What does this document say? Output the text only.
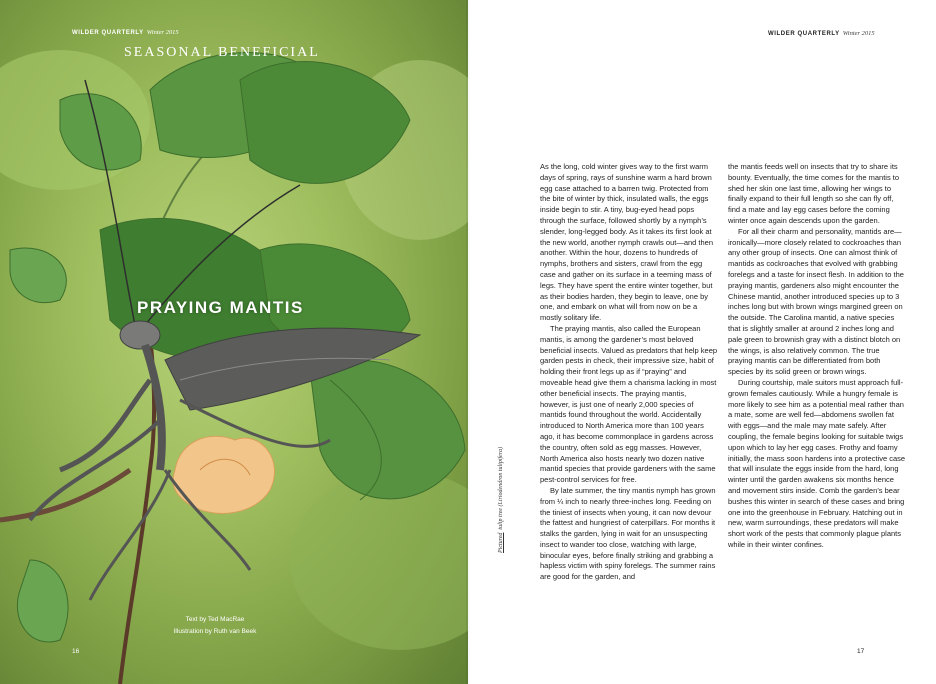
WILDER QUARTERLY Winter 2015
SEASONAL BENEFICIAL
PRAYING MANTIS
Text by Ted MacRae
Illustration by Ruth van Beek
16
WILDER QUARTERLY Winter 2015
Picturedtulip tree (Liriodendron tulipifera)

As the long, cold winter gives way to the first warm days of spring, rays of sunshine warm a hard brown egg case attached to a barren twig. Protected from the bite of winter by thick, insulated walls, the eggs inside begin to stir. A tiny, bug-eyed head pops through the surface, followed shortly by a nymph’s slender, long-legged body. As it takes its first look at the new world, another nymph crawls out—and then another. Within the hour, dozens to hundreds of nymphs, brothers and sisters, crawl from the egg case and gather on its surface in a teeming mass of legs. They have spent the entire winter together, but as their bodies harden, they begin to leave, one by one, and embark on what will from now on be a mostly solitary life.

The praying mantis, also called the European mantis, is among the gardener’s most beloved beneficial insects. Valued as predators that help keep garden pests in check, their impressive size, habit of holding their front legs up as if “praying” and moveable head give them a charisma lacking in most other beneficial insects. The praying mantis, however, is just one of nearly 2,000 species of mantids found throughout the world. Accidentally introduced to North America more than 100 years ago, it has become commonplace in gardens across the country, often sold as egg masses. However, North America also hosts nearly two dozen native mantid species that provide gardeners with the same pest-control services for free.

By late summer, the tiny mantis nymph has grown from ¼ inch to nearly three-inches long. Feeding on the tiniest of insects when young, it can now devour the fattest and hungriest of caterpillars. For months it stalks the garden, lying in wait for an unsuspecting insect to wander too close, watching with large, binocular eyes, before finally striking and grabbing a hapless victim with spiny forelegs. The summer rains are good for the garden, and

the mantis feeds well on insects that try to share its bounty. Eventually, the time comes for the mantis to shed her skin one last time, allowing her wings to finally expand to their full length so she can fly off, find a mate and lay egg cases before the coming winter once again descends upon the garden.

For all their charm and personality, mantids are—ironically—more closely related to cockroaches than any other group of insects. One can almost think of mantids as cockroaches that evolved with grabbing forelegs and a taste for insect flesh. In addition to the praying mantis, gardeners also might encounter the Chinese mantid, another introduced species up to 3 inches long but with brown wings margined green on the outside. The Carolina mantid, a native species that is slightly smaller at around 2 inches long and pale green to brownish gray with a distinct blotch on the wings, is also relatively common. The true praying mantis can be differentiated from both species by its solid green or brown wings.

During courtship, male suitors must approach full-grown females cautiously. While a hungry female is more likely to see him as a potential meal rather than a mate, some are well fed—abdomens swollen fat with eggs—and the male may mate safely. After coupling, the female begins looking for suitable twigs upon which to lay her egg cases. Frothy and foamy initially, the mass soon hardens into a protective case that will insulate the eggs inside from the hard, long winter until the garden awakens six months hence and movement stirs inside. Comb the garden’s bear bushes this winter in search of these cases and bring one into the greenhouse in February. Hatching out in new, warm surroundings, these predators will make short work of the pests that commonly plague plants while in their winter confines.

17
